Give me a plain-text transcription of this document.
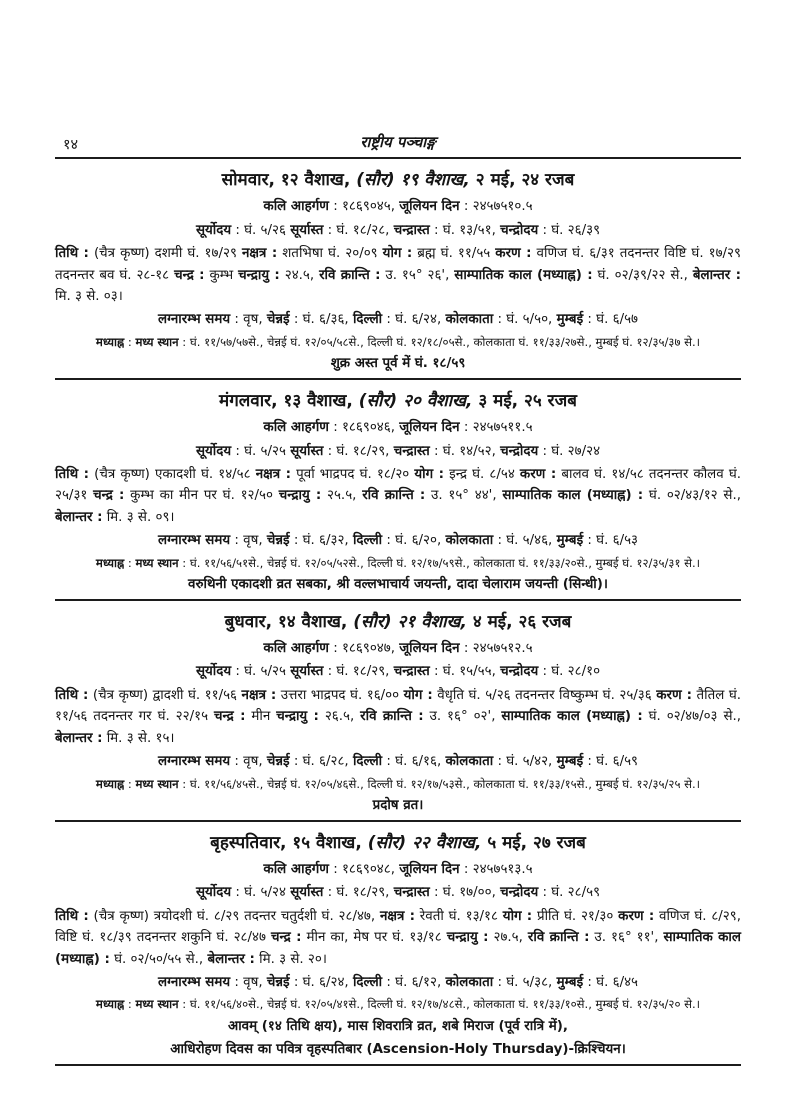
१४	राष्ट्रीय पञ्चाङ्ग
सोमवार, १२ वैशाख, (सौर) १९ वैशाख, २ मई, २४ रजब

कलि आहर्गण : १८६९०४५, जूलियन दिन : २४५७५१०.५

सूर्योदय : घं. ५/२६ सूर्यास्त : घं. १८/२८, चन्द्रास्त : घं. १३/५१, चन्द्रोदय : घं. २६/३९

तिथि : (चैत्र कृष्ण) दशमी घं. १७/२९ नक्षत्र : शतभिषा घं. २०/०९ योग : ब्रह्म घं. ११/५५ करण : वणिज घं. ६/३१ तदनन्तर विष्टि घं. १७/२९ तदनन्तर बव घं. २८-१८ चन्द्र : कुम्भ चन्द्रायु : २४.५, रवि क्रान्ति : उ. १५° २६', साम्पातिक काल (मध्याह्न) : घं. ०२/३९/२२ से., बेलान्तर : मि. ३ से. ०३।

लग्नारम्भ समय : वृष, चेन्नई : घं. ६/३६, दिल्ली : घं. ६/२४, कोलकाता : घं. ५/५०, मुम्बई : घं. ६/५७

मध्याह्न : मध्य स्थान : घं. ११/५७/५७से., चेन्नई घं. १२/०५/५८से., दिल्ली घं. १२/१८/०५से., कोलकाता घं. ११/३३/२७से., मुम्बई घं. १२/३५/३७ से.।

शुक्र अस्त पूर्व में घं. १८/५९

मंगलवार, १३ वैशाख, (सौर) २० वैशाख, ३ मई, २५ रजब

कलि आहर्गण : १८६९०४६, जूलियन दिन : २४५७५११.५

सूर्योदय : घं. ५/२५ सूर्यास्त : घं. १८/२९, चन्द्रास्त : घं. १४/५२, चन्द्रोदय : घं. २७/२४

तिथि : (चैत्र कृष्ण) एकादशी घं. १४/५८ नक्षत्र : पूर्वा भाद्रपद घं. १८/२० योग : इन्द्र घं. ८/५४ करण : बालव घं. १४/५८ तदनन्तर कौलव घं. २५/३१ चन्द्र : कुम्भ का मीन पर घं. १२/५० चन्द्रायु : २५.५, रवि क्रान्ति : उ. १५° ४४', साम्पातिक काल (मध्याह्न) : घं. ०२/४३/१२ से., बेलान्तर : मि. ३ से. ०९।

लग्नारम्भ समय : वृष, चेन्नई : घं. ६/३२, दिल्ली : घं. ६/२०, कोलकाता : घं. ५/४६, मुम्बई : घं. ६/५३

मध्याह्न : मध्य स्थान : घं. ११/५६/५१से., चेन्नई घं. १२/०५/५२से., दिल्ली घं. १२/१७/५९से., कोलकाता घं. ११/३३/२०से., मुम्बई घं. १२/३५/३१ से.।

वरुथिनी एकादशी व्रत सबका, श्री वल्लभाचार्य जयन्ती, दादा चेलाराम जयन्ती (सिन्धी)।

बुधवार, १४ वैशाख, (सौर) २१ वैशाख, ४ मई, २६ रजब

कलि आहर्गण : १८६९०४७, जूलियन दिन : २४५७५१२.५

सूर्योदय : घं. ५/२५ सूर्यास्त : घं. १८/२९, चन्द्रास्त : घं. १५/५५, चन्द्रोदय : घं. २८/१०

तिथि : (चैत्र कृष्ण) द्वादशी घं. ११/५६ नक्षत्र : उत्तरा भाद्रपद घं. १६/०० योग : वैधृति घं. ५/२६ तदनन्तर विष्कुम्भ घं. २५/३६ करण : तैतिल घं. ११/५६ तदनन्तर गर घं. २२/१५ चन्द्र : मीन चन्द्रायु : २६.५, रवि क्रान्ति : उ. १६° ०२', साम्पातिक काल (मध्याह्न) : घं. ०२/४७/०३ से., बेलान्तर : मि. ३ से. १५।

लग्नारम्भ समय : वृष, चेन्नई : घं. ६/२८, दिल्ली : घं. ६/१६, कोलकाता : घं. ५/४२, मुम्बई : घं. ६/५९

मध्याह्न : मध्य स्थान : घं. ११/५६/४५से., चेन्नई घं. १२/०५/४६से., दिल्ली घं. १२/१७/५३से., कोलकाता घं. ११/३३/१५से., मुम्बई घं. १२/३५/२५ से.।

प्रदोष व्रत।

बृहस्पतिवार, १५ वैशाख, (सौर) २२ वैशाख, ५ मई, २७ रजब

कलि आहर्गण : १८६९०४८, जूलियन दिन : २४५७५१३.५

सूर्योदय : घं. ५/२४ सूर्यास्त : घं. १८/२९, चन्द्रास्त : घं. १७/००, चन्द्रोदय : घं. २८/५९

तिथि : (चैत्र कृष्ण) त्रयोदशी घं. ८/२९ तदन्तर चतुर्दशी घं. २८/४७, नक्षत्र : रेवती घं. १३/१८ योग : प्रीति घं. २१/३० करण : वणिज घं. ८/२९, विष्टि घं. १८/३९ तदनन्तर शकुनि घं. २८/४७ चन्द्र : मीन का, मेष पर घं. १३/१८ चन्द्रायु : २७.५, रवि क्रान्ति : उ. १६° ११', साम्पातिक काल (मध्याह्न) : घं. ०२/५०/५५ से., बेलान्तर : मि. ३ से. २०।

लग्नारम्भ समय : वृष, चेन्नई : घं. ६/२४, दिल्ली : घं. ६/१२, कोलकाता : घं. ५/३८, मुम्बई : घं. ६/४५

मध्याह्न : मध्य स्थान : घं. ११/५६/४०से., चेन्नई घं. १२/०५/४१से., दिल्ली घं. १२/१७/४८से., कोलकाता घं. ११/३३/१०से., मुम्बई घं. १२/३५/२० से.।

आवम् (१४ तिथि क्षय), मास शिवरात्रि व्रत, शबे मिराज (पूर्व रात्रि में),

आधिरोहण दिवस का पवित्र वृहस्पतिबार (Ascension-Holy Thursday)-क्रिश्चियन।
